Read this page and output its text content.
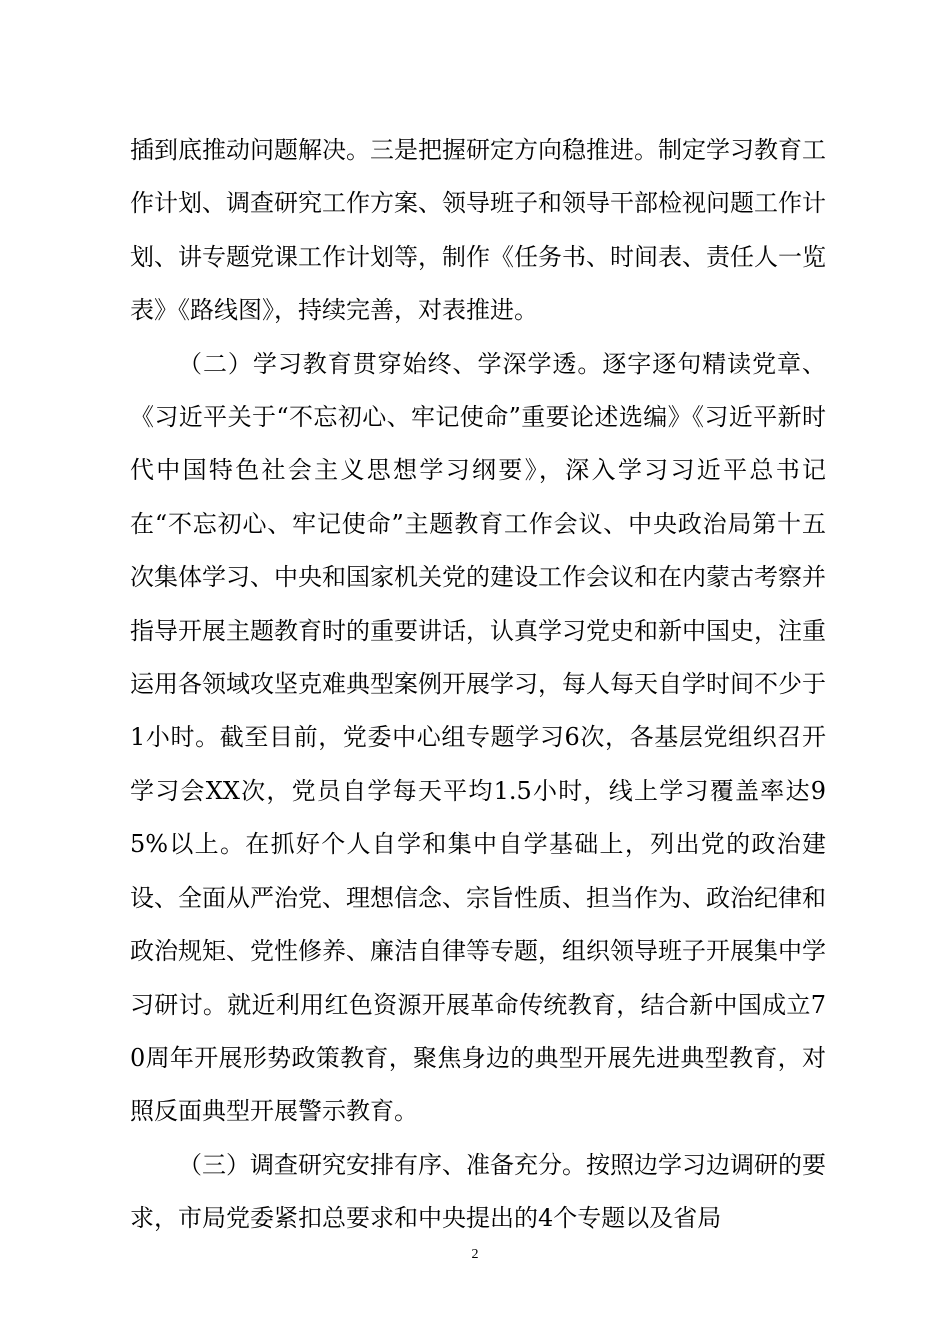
插到底推动问题解决。三是把握研定方向稳推进。制定学习教育工作计划、调查研究工作方案、领导班子和领导干部检视问题工作计划、讲专题党课工作计划等，制作《任务书、时间表、责任人一览表》《路线图》，持续完善，对表推进。

（二）学习教育贯穿始终、学深学透。逐字逐句精读党章、《习近平关于“不忘初心、牢记使命”重要论述选编》《习近平新时代中国特色社会主义思想学习纲要》，深入学习习近平总书记在“不忘初心、牢记使命”主题教育工作会议、中央政治局第十五次集体学习、中央和国家机关党的建设工作会议和在内蒙古考察并指导开展主题教育时的重要讲话，认真学习党史和新中国史，注重运用各领域攻坚克难典型案例开展学习，每人每天自学时间不少于1小时。截至目前，党委中心组专题学习6次，各基层党组织召开学习会XX次，党员自学每天平均1.5小时，线上学习覆盖率达95%以上。在抓好个人自学和集中自学基础上，列出党的政治建设、全面从严治党、理想信念、宗旨性质、担当作为、政治纪律和政治规矩、党性修养、廉洁自律等专题，组织领导班子开展集中学习研讨。就近利用红色资源开展革命传统教育，结合新中国成立70周年开展形势政策教育，聚焦身边的典型开展先进典型教育，对照反面典型开展警示教育。

（三）调查研究安排有序、准备充分。按照边学习边调研的要求，市局党委紧扣总要求和中央提出的4个专题以及省局

2
